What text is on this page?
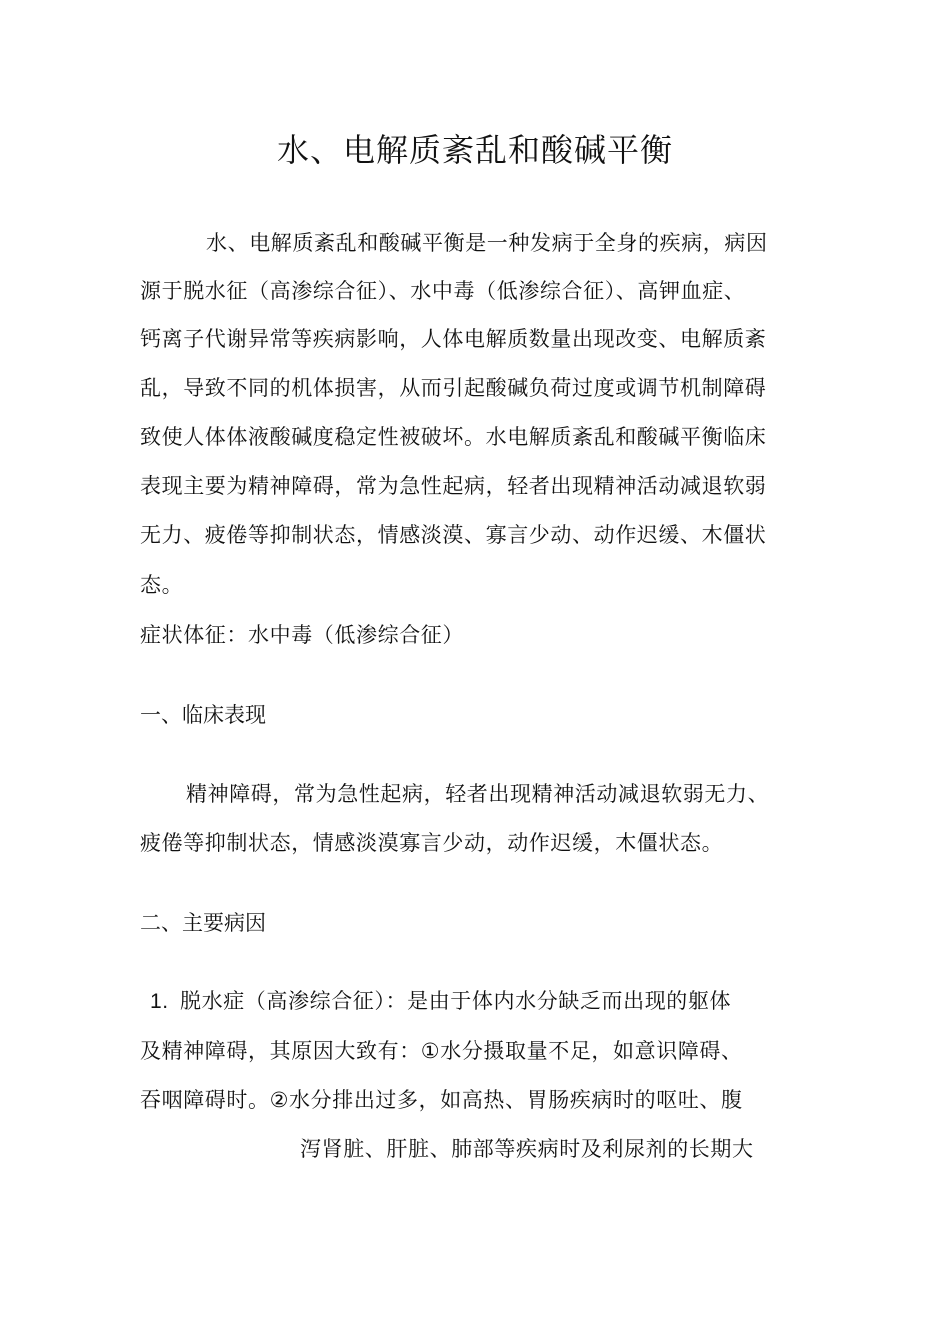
水、电解质紊乱和酸碱平衡
水、电解质紊乱和酸碱平衡是一种发病于全身的疾病，病因
源于脱水征（高渗综合征）、水中毒（低渗综合征）、高钾血症、
钙离子代谢异常等疾病影响，人体电解质数量出现改变、电解质紊
乱，导致不同的机体损害，从而引起酸碱负荷过度或调节机制障碍
致使人体体液酸碱度稳定性被破坏。水电解质紊乱和酸碱平衡临床
表现主要为精神障碍，常为急性起病，轻者出现精神活动减退软弱
无力、疲倦等抑制状态，情感淡漠、寡言少动、动作迟缓、木僵状
态。
症状体征：水中毒（低渗综合征）
一、临床表现
精神障碍，常为急性起病，轻者出现精神活动减退软弱无力、
疲倦等抑制状态，情感淡漠寡言少动，动作迟缓，木僵状态。
二、主要病因
1. 脱水症（高渗综合征）：是由于体内水分缺乏而出现的躯体
及精神障碍，其原因大致有：①水分摄取量不足，如意识障碍、
吞咽障碍时。②水分排出过多，如高热、胃肠疾病时的呕吐、腹
泻肾脏、肝脏、肺部等疾病时及利尿剂的长期大
